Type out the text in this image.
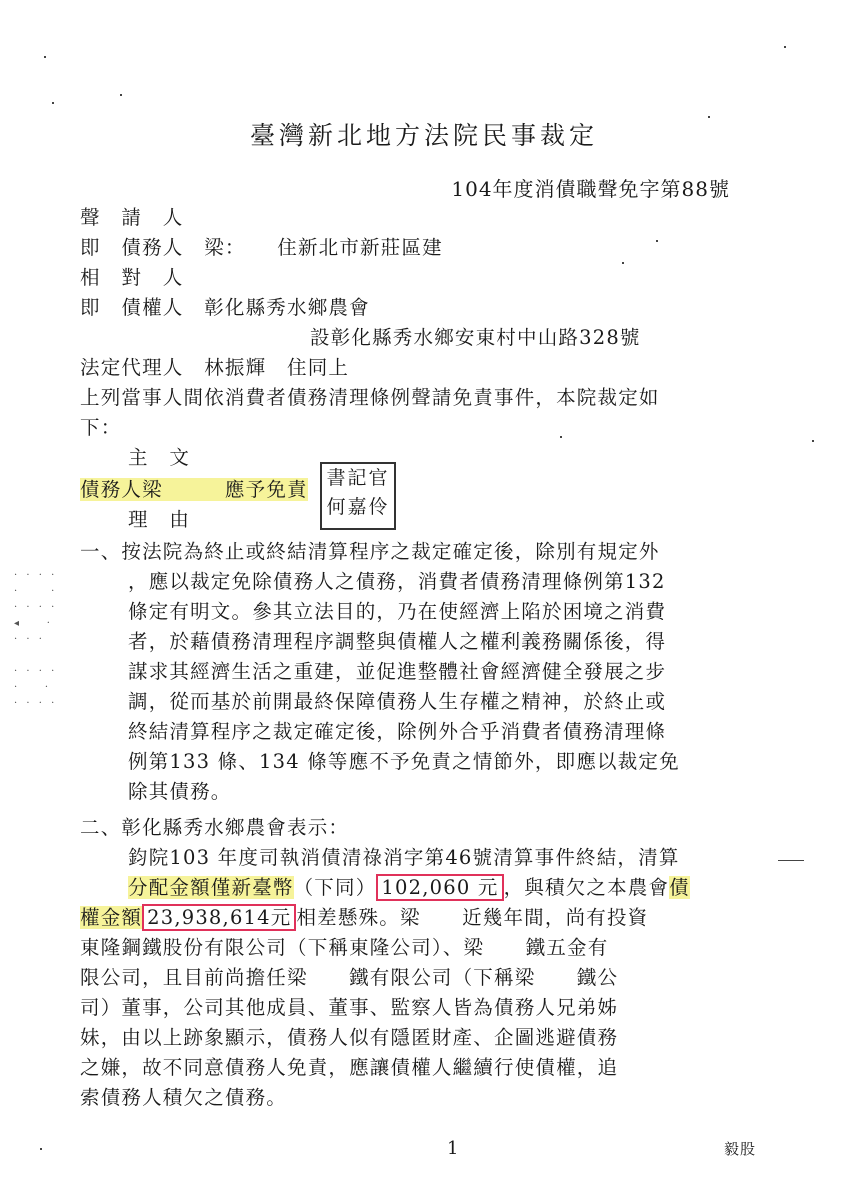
臺灣新北地方法院民事裁定
104年度消債職聲免字第88號
聲　請　人
即　債務人　梁：　　住新北市新莊區建
相　對　人
即　債權人　彰化縣秀水鄉農會
設彰化縣秀水鄉安東村中山路328號
法定代理人　林振輝　住同上
上列當事人間依消費者債務清理條例聲請免責事件，本院裁定如
下：
主　文
債務人梁　　　	應予免責 書記官
何嘉伶
理　由
一、按法院為終止或終結清算程序之裁定確定後，除別有規定外
，應以裁定免除債務人之債務，消費者債務清理條例第132
條定有明文。參其立法目的，乃在使經濟上陷於困境之消費
者，於藉債務清理程序調整與債權人之權利義務關係後，得
謀求其經濟生活之重建，並促進整體社會經濟健全發展之步
調，從而基於前開最終保障債務人生存權之精神，於終止或
終結清算程序之裁定確定後，除例外合乎消費者債務清理條
例第133 條、134 條等應不予免責之情節外，即應以裁定免
除其債務。
二、彰化縣秀水鄉農會表示：
鈞院103 年度司執消債清祿消字第46號清算事件終結，清算
分配金額僅新臺幣（下同） 102,060 元 ，與積欠之本農會債
權金額 23,938,614元 相差懸殊。梁　　近幾年間，尚有投資
東隆鋼鐵股份有限公司（下稱東隆公司）、梁　　鐵五金有
限公司，且目前尚擔任梁　　鐵有限公司（下稱梁　　鐵公
司）董事，公司其他成員、董事、監察人皆為債務人兄弟姊
妹，由以上跡象顯示，債務人似有隱匿財產、企圖逃避債務
之嫌，故不同意債務人免責，應讓債權人繼續行使債權，追
索債務人積欠之債務。
1	毅股
· · · ·
·     ·
· · · ·
◂    ·
· · ·

· · · ·
·    ·
· · · ·
